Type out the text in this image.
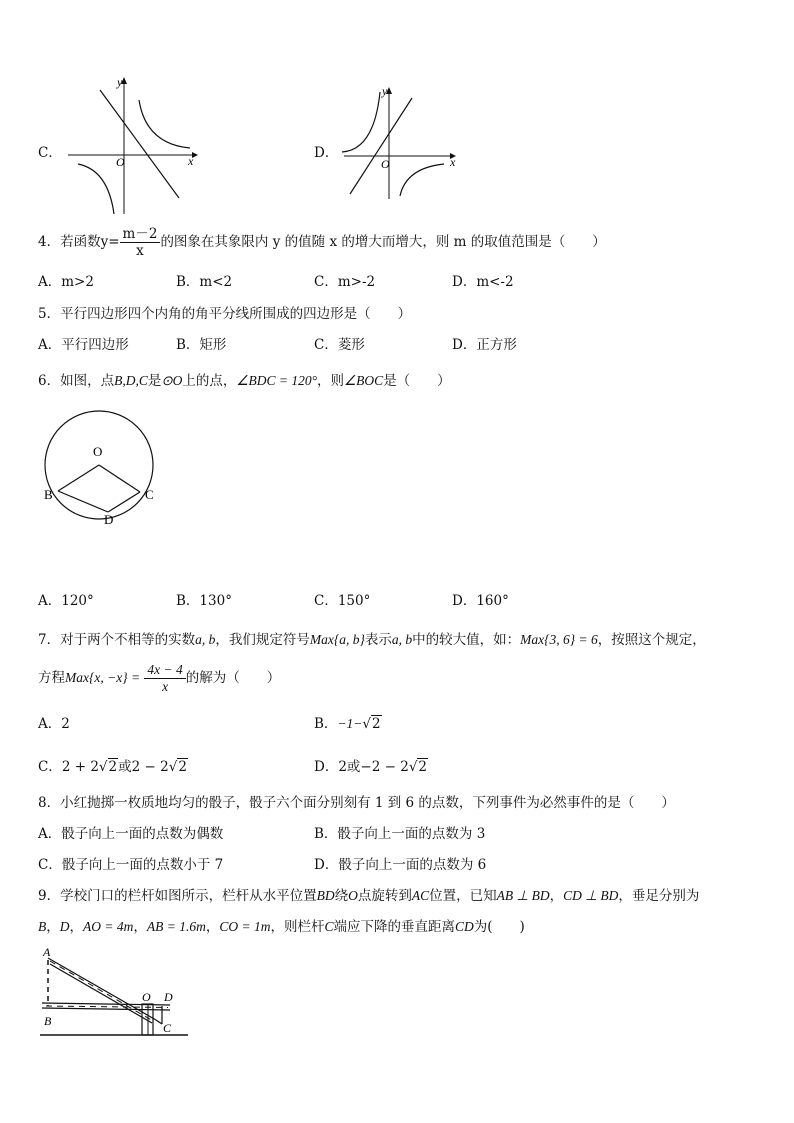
C．
y
x
O
D．
y
x
O
4．若函数$y= \frac{m-2}{x}$ 的图象在其象限内 y 的值随 x 的增大而增大，则 m 的取值范围是（　　）
A．m>2	B．m<2	C．m>-2	D．m<-2
5．平行四边形四个内角的角平分线所围成的四边形是（　　）
A．平行四边形	B．矩形	C．菱形	D．正方形
6．如图，点B,D,C是⊙O上的点，∠BDC = 120°，则∠BOC是（　　）
O
B	C
D
A．120°	B．130°	C．150°	D．160°
7．对于两个不相等的实数a, b，我们规定符号Max{a, b}表示a, b中的较大值，如：Max{3, 6} = 6，按照这个规定，
方程Max{x, $-x\} = \frac{4x - 4}{x}$ 的解为（　　）
A．2	B．−1−√2
C．2 + 2√2或2 − 2√2	D．2或−2 − 2√2
8．小红抛掷一枚质地均匀的骰子，骰子六个面分别刻有 1 到 6 的点数，下列事件为必然事件的是（　　）
A．骰子向上一面的点数为偶数	B．骰子向上一面的点数为 3
C．骰子向上一面的点数小于 7	D．骰子向上一面的点数为 6
9．学校门口的栏杆如图所示，栏杆从水平位置BD绕O点旋转到AC位置，已知AB ⊥ BD，CD ⊥ BD，垂足分别为
B，D，AO = 4m，AB = 1.6m，CO = 1m，则栏杆C端应下降的垂直距离CD为(　　)
A
B
O D
C
